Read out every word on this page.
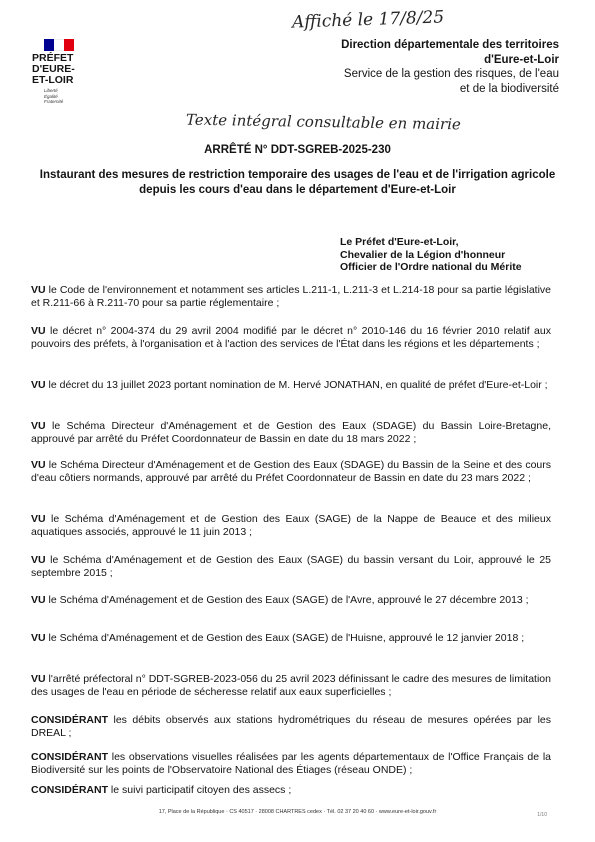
Affiché le 17/8/25
PRÉFET
D'EURE-
ET-LOIR
Liberté
Égalité
Fraternité
Direction départementale des territoires
d'Eure-et-Loir
Service de la gestion des risques, de l'eau
et de la biodiversité
Texte intégral consultable en mairie
ARRÊTÉ N° DDT-SGREB-2025-230
Instaurant des mesures de restriction temporaire des usages de l'eau et de l'irrigation agricole depuis les cours d'eau dans le département d'Eure-et-Loir
Le Préfet d'Eure-et-Loir,
Chevalier de la Légion d'honneur
Officier de l'Ordre national du Mérite
VU le Code de l'environnement et notamment ses articles L.211-1, L.211-3 et L.214-18 pour sa partie législative et R.211-66 à R.211-70 pour sa partie réglementaire ;
VU le décret n° 2004-374 du 29 avril 2004 modifié par le décret n° 2010-146 du 16 février 2010 relatif aux pouvoirs des préfets, à l'organisation et à l'action des services de l'État dans les régions et les départements ;
VU le décret du 13 juillet 2023 portant nomination de M. Hervé JONATHAN, en qualité de préfet d'Eure-et-Loir ;
VU le Schéma Directeur d'Aménagement et de Gestion des Eaux (SDAGE) du Bassin Loire-Bretagne, approuvé par arrêté du Préfet Coordonnateur de Bassin en date du 18 mars 2022 ;
VU le Schéma Directeur d'Aménagement et de Gestion des Eaux (SDAGE) du Bassin de la Seine et des cours d'eau côtiers normands, approuvé par arrêté du Préfet Coordonnateur de Bassin en date du 23 mars 2022 ;
VU le Schéma d'Aménagement et de Gestion des Eaux (SAGE) de la Nappe de Beauce et des milieux aquatiques associés, approuvé le 11 juin 2013 ;
VU le Schéma d'Aménagement et de Gestion des Eaux (SAGE) du bassin versant du Loir, approuvé le 25 septembre 2015 ;
VU le Schéma d'Aménagement et de Gestion des Eaux (SAGE) de l'Avre, approuvé le 27 décembre 2013 ;
VU le Schéma d'Aménagement et de Gestion des Eaux (SAGE) de l'Huisne, approuvé le 12 janvier 2018 ;
VU l'arrêté préfectoral n° DDT-SGREB-2023-056 du 25 avril 2023 définissant le cadre des mesures de limitation des usages de l'eau en période de sécheresse relatif aux eaux superficielles ;
CONSIDÉRANT les débits observés aux stations hydrométriques du réseau de mesures opérées par les DREAL ;
CONSIDÉRANT les observations visuelles réalisées par les agents départementaux de l'Office Français de la Biodiversité sur les points de l'Observatoire National des Étiages (réseau ONDE) ;
CONSIDÉRANT le suivi participatif citoyen des assecs ;
17, Place de la République · CS 40517 · 28008 CHARTRES cedex · Tél. 02 37 20 40 60 · www.eure-et-loir.gouv.fr	1/10
